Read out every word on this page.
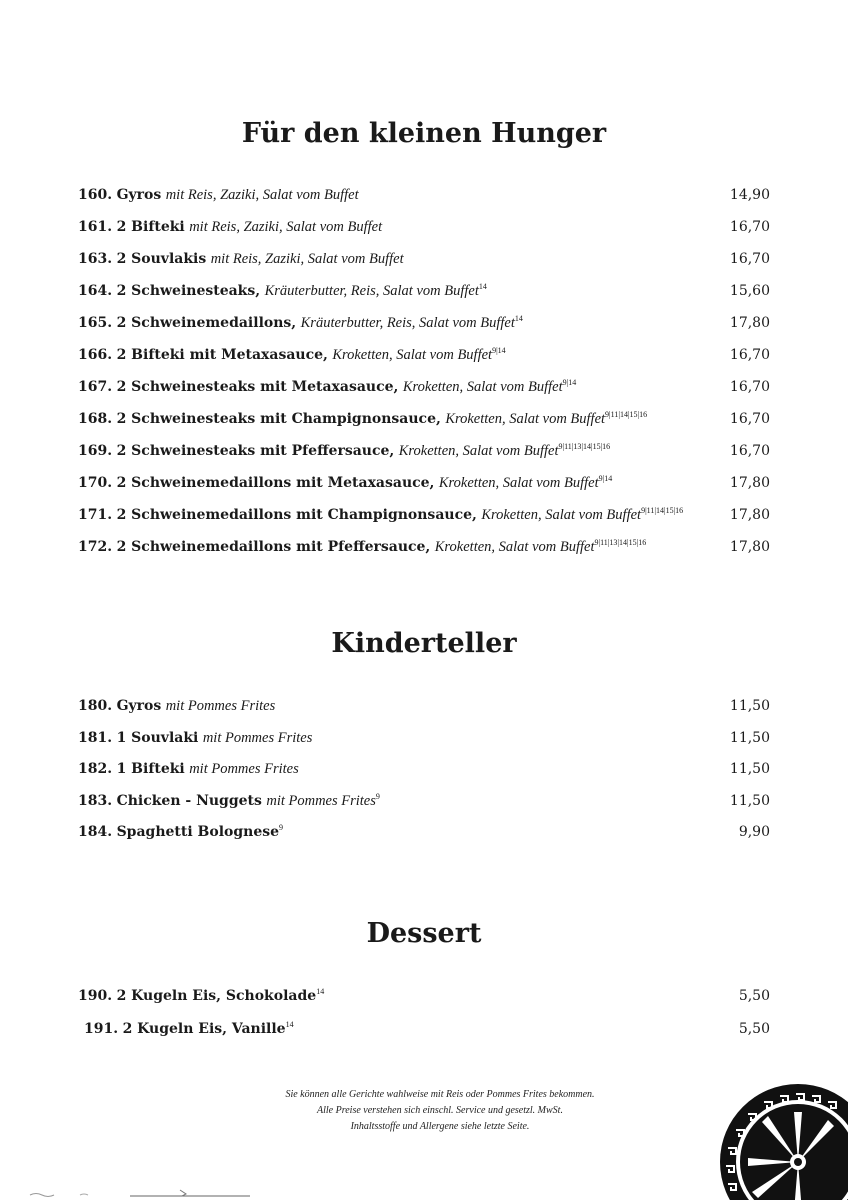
Für den kleinen Hunger
160. Gyros mit Reis, Zaziki, Salat vom Buffet	14,90
161. 2 Bifteki mit Reis, Zaziki, Salat vom Buffet	16,70
163. 2 Souvlakis mit Reis, Zaziki, Salat vom Buffet	16,70
164. 2 Schweinesteaks, Kräuterbutter, Reis, Salat vom Buffet$^{14}$	15,60
165. 2 Schweinemedaillons, Kräuterbutter, Reis, Salat vom Buffet$^{14}$	17,80
166. 2 Bifteki mit Metaxasauce, Kroketten, Salat vom Buffet$^{9|14}$	16,70
167. 2 Schweinesteaks mit Metaxasauce, Kroketten, Salat vom Buffet$^{9|14}$	16,70
168. 2 Schweinesteaks mit Champignonsauce, Kroketten, Salat vom Buffet$^{9|11|14|15|16}$	16,70
169. 2 Schweinesteaks mit Pfeffersauce, Kroketten, Salat vom Buffet$^{9|11|13|14|15|16}$	16,70
170. 2 Schweinemedaillons mit Metaxasauce, Kroketten, Salat vom Buffet$^{9|14}$	17,80
171. 2 Schweinemedaillons mit Champignonsauce, Kroketten, Salat vom Buffet$^{9|11|14|15|16}$	17,80
172. 2 Schweinemedaillons mit Pfeffersauce, Kroketten, Salat vom Buffet$^{9|11|13|14|15|16}$	17,80
Kinderteller
180. Gyros mit Pommes Frites	11,50
181. 1 Souvlaki mit Pommes Frites	11,50
182. 1 Bifteki mit Pommes Frites	11,50
183. Chicken - Nuggets mit Pommes Frites$^9$	11,50
184. Spaghetti Bolognese$^9$	9,90
Dessert
190. 2 Kugeln Eis, Schokolade$^{14}$	5,50
191. 2 Kugeln Eis, Vanille$^{14}$	5,50
Sie können alle Gerichte wahlweise mit Reis oder Pommes Frites bekommen.
Alle Preise verstehen sich einschl. Service und gesetzl. MwSt.
Inhaltsstoffe und Allergene siehe letzte Seite.
